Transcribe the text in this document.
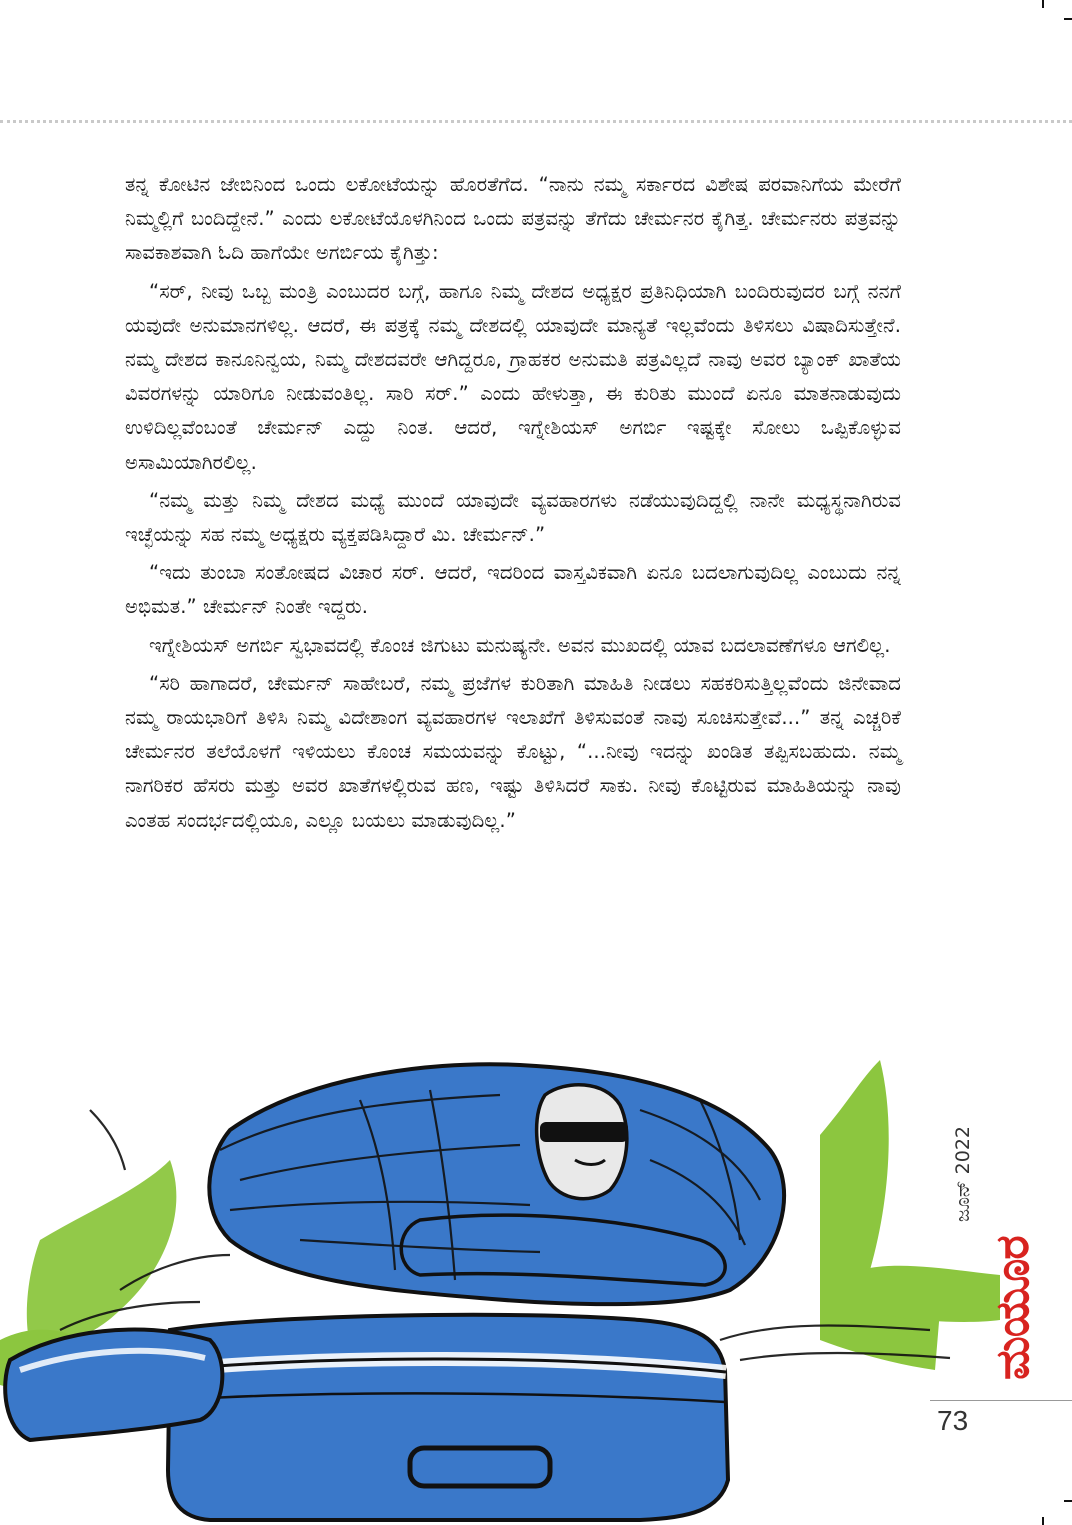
ತನ್ನ ಕೋಟಿನ ಜೇಬಿನಿಂದ ಒಂದು ಲಕೋಟೆಯನ್ನು ಹೊರತೆಗೆದ. “ನಾನು ನಮ್ಮ ಸರ್ಕಾರದ ವಿಶೇಷ ಪರವಾನಿಗೆಯ ಮೇರೆಗೆ ನಿಮ್ಮಲ್ಲಿಗೆ ಬಂದಿದ್ದೇನೆ.” ಎಂದು ಲಕೋಟೆಯೊಳಗಿನಿಂದ ಒಂದು ಪತ್ರವನ್ನು ತೆಗೆದು ಚೇರ್ಮನರ ಕೈಗಿತ್ತ. ಚೇರ್ಮನರು ಪತ್ರವನ್ನು ಸಾವಕಾಶವಾಗಿ ಓದಿ ಹಾಗೆಯೇ ಅಗರ್ಬಿಯ ಕೈಗಿತ್ತು:

“ಸರ್, ನೀವು ಒಬ್ಬ ಮಂತ್ರಿ ಎಂಬುದರ ಬಗ್ಗೆ, ಹಾಗೂ ನಿಮ್ಮ ದೇಶದ ಅಧ್ಯಕ್ಷರ ಪ್ರತಿನಿಧಿಯಾಗಿ ಬಂದಿರುವುದರ ಬಗ್ಗೆ ನನಗೆ ಯವುದೇ ಅನುಮಾನಗಳಿಲ್ಲ. ಆದರೆ, ಈ ಪತ್ರಕ್ಕೆ ನಮ್ಮ ದೇಶದಲ್ಲಿ ಯಾವುದೇ ಮಾನ್ಯತೆ ಇಲ್ಲವೆಂದು ತಿಳಿಸಲು ವಿಷಾದಿಸುತ್ತೇನೆ. ನಮ್ಮ ದೇಶದ ಕಾನೂನಿನ್ವಯ, ನಿಮ್ಮ ದೇಶದವರೇ ಆಗಿದ್ದರೂ, ಗ್ರಾಹಕರ ಅನುಮತಿ ಪತ್ರವಿಲ್ಲದೆ ನಾವು ಅವರ ಬ್ಯಾಂಕ್ ಖಾತೆಯ ವಿವರಗಳನ್ನು ಯಾರಿಗೂ ನೀಡುವಂತಿಲ್ಲ. ಸಾರಿ ಸರ್.” ಎಂದು ಹೇಳುತ್ತಾ, ಈ ಕುರಿತು ಮುಂದೆ ಏನೂ ಮಾತನಾಡುವುದು ಉಳಿದಿಲ್ಲವೆಂಬಂತೆ ಚೇರ್ಮನ್ ಎದ್ದು ನಿಂತ. ಆದರೆ, ಇಗ್ನೇಶಿಯಸ್ ಅಗರ್ಬಿ ಇಷ್ಟಕ್ಕೇ ಸೋಲು ಒಪ್ಪಿಕೊಳ್ಳುವ ಅಸಾಮಿಯಾಗಿರಲಿಲ್ಲ.

“ನಮ್ಮ ಮತ್ತು ನಿಮ್ಮ ದೇಶದ ಮಧ್ಯೆ ಮುಂದೆ ಯಾವುದೇ ವ್ಯವಹಾರಗಳು ನಡೆಯುವುದಿದ್ದಲ್ಲಿ ನಾನೇ ಮಧ್ಯಸ್ಥನಾಗಿರುವ ಇಚ್ಛೆಯನ್ನು ಸಹ ನಮ್ಮ ಅಧ್ಯಕ್ಷರು ವ್ಯಕ್ತಪಡಿಸಿದ್ದಾರೆ ಮಿ. ಚೇರ್ಮನ್.”

“ಇದು ತುಂಬಾ ಸಂತೋಷದ ವಿಚಾರ ಸರ್. ಆದರೆ, ಇದರಿಂದ ವಾಸ್ತವಿಕವಾಗಿ ಏನೂ ಬದಲಾಗುವುದಿಲ್ಲ ಎಂಬುದು ನನ್ನ ಅಭಿಮತ.” ಚೇರ್ಮನ್ ನಿಂತೇ ಇದ್ದರು.

ಇಗ್ನೇಶಿಯಸ್ ಅಗರ್ಬಿ ಸ್ವಭಾವದಲ್ಲಿ ಕೊಂಚ ಜಿಗುಟು ಮನುಷ್ಯನೇ. ಅವನ ಮುಖದಲ್ಲಿ ಯಾವ ಬದಲಾವಣೆಗಳೂ ಆಗಲಿಲ್ಲ.

“ಸರಿ ಹಾಗಾದರೆ, ಚೇರ್ಮನ್ ಸಾಹೇಬರೆ, ನಮ್ಮ ಪ್ರಜೆಗಳ ಕುರಿತಾಗಿ ಮಾಹಿತಿ ನೀಡಲು ಸಹಕರಿಸುತ್ತಿಲ್ಲವೆಂದು ಜಿನೇವಾದ ನಮ್ಮ ರಾಯಭಾರಿಗೆ ತಿಳಿಸಿ ನಿಮ್ಮ ವಿದೇಶಾಂಗ ವ್ಯವಹಾರಗಳ ಇಲಾಖೆಗೆ ತಿಳಿಸುವಂತೆ ನಾವು ಸೂಚಿಸುತ್ತೇವೆ...” ತನ್ನ ಎಚ್ಚರಿಕೆ ಚೇರ್ಮನರ ತಲೆಯೊಳಗೆ ಇಳಿಯಲು ಕೊಂಚ ಸಮಯವನ್ನು ಕೊಟ್ಟು, “...ನೀವು ಇದನ್ನು ಖಂಡಿತ ತಪ್ಪಿಸಬಹುದು. ನಮ್ಮ ನಾಗರಿಕರ ಹೆಸರು ಮತ್ತು ಅವರ ಖಾತೆಗಳಲ್ಲಿರುವ ಹಣ, ಇಷ್ಟು ತಿಳಿಸಿದರೆ ಸಾಕು. ನೀವು ಕೊಟ್ಟಿರುವ ಮಾಹಿತಿಯನ್ನು ನಾವು ಎಂತಹ ಸಂದರ್ಭದಲ್ಲಿಯೂ, ಎಲ್ಲೂ ಬಯಲು ಮಾಡುವುದಿಲ್ಲ.”

ಜೂನ್ 2022
ಮಯೂರ
73
